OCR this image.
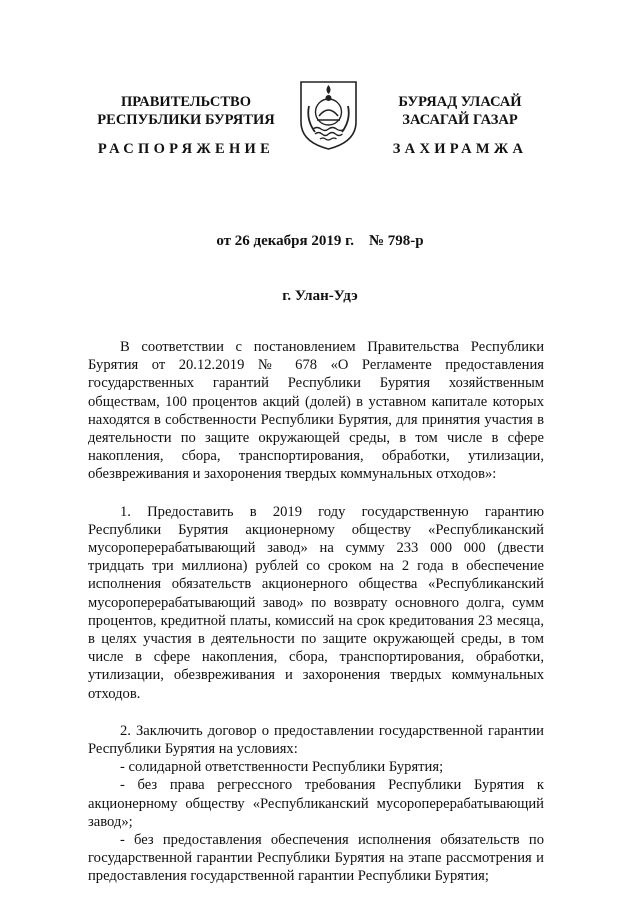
ПРАВИТЕЛЬСТВО
РЕСПУБЛИКИ БУРЯТИЯ
БУРЯАД УЛАСАЙ
ЗАСАГАЙ ГАЗАР
РАСПОРЯЖЕНИЕ	ЗАХИРАМЖА
от 26 декабря 2019 г.    № 798-р
г. Улан-Удэ

В соответствии с постановлением Правительства Республики Бурятия от 20.12.2019 № 678 «О Регламенте предоставления государственных гарантий Республики Бурятия хозяйственным обществам, 100 процентов акций (долей) в уставном капитале которых находятся в собственности Республики Бурятия, для принятия участия в деятельности по защите окружающей среды, в том числе в сфере накопления, сбора, транспортирования, обработки, утилизации, обезвреживания и захоронения твердых коммунальных отходов»:

1. Предоставить в 2019 году государственную гарантию Республики Бурятия акционерному обществу «Республиканский мусороперерабатывающий завод» на сумму 233 000 000 (двести тридцать три миллиона) рублей со сроком на 2 года в обеспечение исполнения обязательств акционерного общества «Республиканский мусороперерабатывающий завод» по возврату основного долга, сумм процентов, кредитной платы, комиссий на срок кредитования 23 месяца, в целях участия в деятельности по защите окружающей среды, в том числе в сфере накопления, сбора, транспортирования, обработки, утилизации, обезвреживания и захоронения твердых коммунальных отходов.

2. Заключить договор о предоставлении государственной гарантии Республики Бурятия на условиях:

- солидарной ответственности Республики Бурятия;

- без права регрессного требования Республики Бурятия к акционерному обществу «Республиканский мусороперерабатывающий завод»;

- без предоставления обеспечения исполнения обязательств по государственной гарантии Республики Бурятия на этапе рассмотрения и предоставления государственной гарантии Республики Бурятия;
